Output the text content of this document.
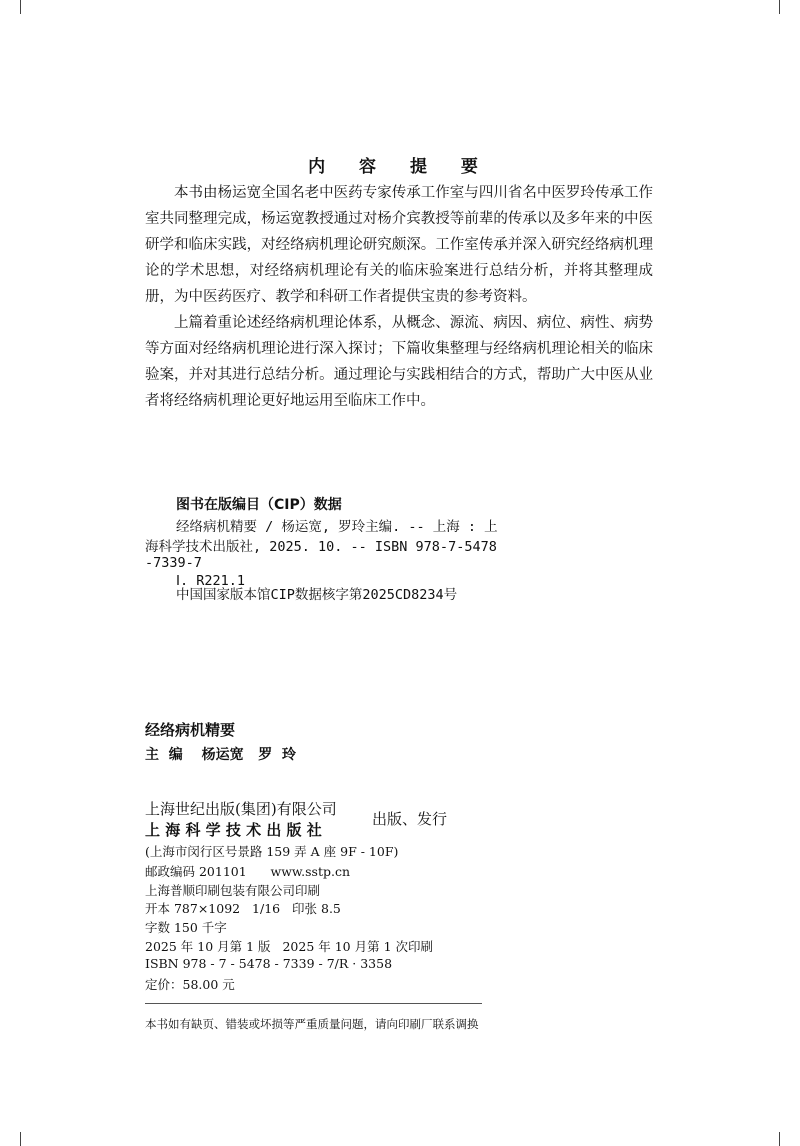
内 容 提 要
本书由杨运宽全国名老中医药专家传承工作室与四川省名中医罗玲传承工作室共同整理完成，杨运宽教授通过对杨介宾教授等前辈的传承以及多年来的中医研学和临床实践，对经络病机理论研究颇深。工作室传承并深入研究经络病机理论的学术思想，对经络病机理论有关的临床验案进行总结分析，并将其整理成册，为中医药医疗、教学和科研工作者提供宝贵的参考资料。
上篇着重论述经络病机理论体系，从概念、源流、病因、病位、病性、病势等方面对经络病机理论进行深入探讨；下篇收集整理与经络病机理论相关的临床验案，并对其进行总结分析。通过理论与实践相结合的方式，帮助广大中医从业者将经络病机理论更好地运用至临床工作中。
图书在版编目（CIP）数据
经络病机精要 / 杨运宽, 罗玲主编. -- 上海 : 上
海科学技术出版社, 2025. 10. -- ISBN 978-7-5478
-7339-7
Ⅰ. R221.1
中国国家版本馆CIP数据核字第2025CD8234号
经络病机精要
主  编 杨运宽   罗  玲
上海世纪出版(集团)有限公司
上 海 科 学 技 术 出 版 社
出版、发行
(上海市闵行区号景路 159 弄 A 座 9F - 10F)
邮政编码 201101      www.sstp.cn
上海普顺印刷包装有限公司印刷
开本 787×1092   1/16   印张 8.5
字数 150 千字
2025 年 10 月第 1 版   2025 年 10 月第 1 次印刷
ISBN 978 - 7 - 5478 - 7339 - 7/R · 3358
定价：58.00 元
本书如有缺页、错装或坏损等严重质量问题，请向印刷厂联系调换
